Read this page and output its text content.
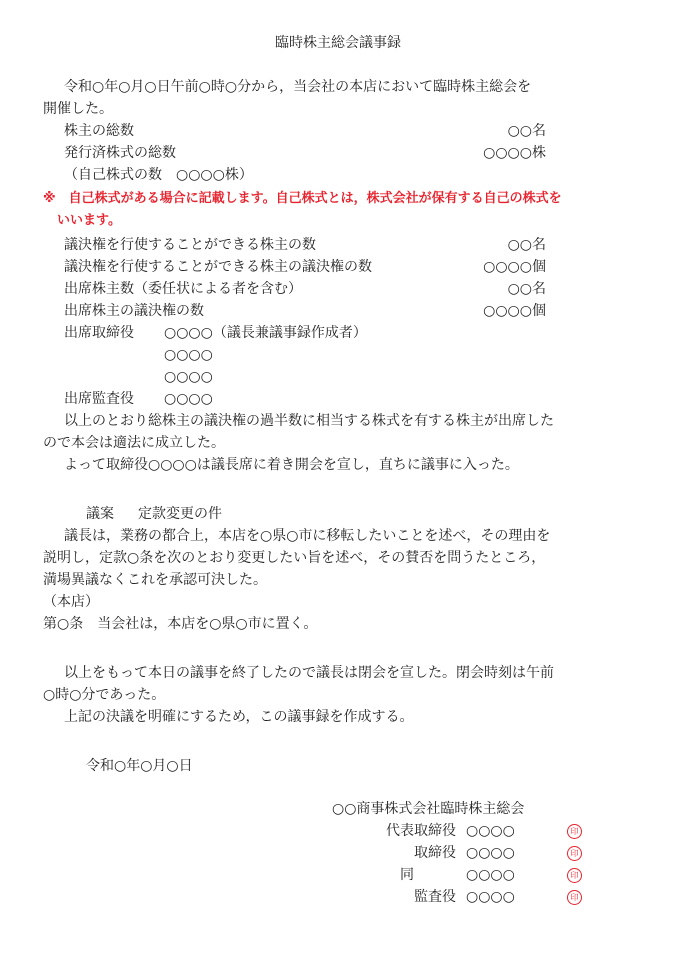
臨時株主総会議事録
令和○年○月○日午前○時○分から，当会社の本店において臨時株主総会を
開催した。
株主の総数	○○名
発行済株式の総数	○○○○株
（自己株式の数　○○○○株）
※　自己株式がある場合に記載します。自己株式とは，株式会社が保有する自己の株式を
いいます。
議決権を行使することができる株主の数	○○名
議決権を行使することができる株主の議決権の数	○○○○個
出席株主数（委任状による者を含む）	○○名
出席株主の議決権の数	○○○○個
出席取締役 ○○○○（議長兼議事録作成者）
○○○○
○○○○
出席監査役 ○○○○
以上のとおり総株主の議決権の過半数に相当する株式を有する株主が出席した
ので本会は適法に成立した。
よって取締役○○○○は議長席に着き開会を宣し，直ちに議事に入った。
議案 定款変更の件
議長は，業務の都合上，本店を○県○市に移転したいことを述べ，その理由を
説明し，定款○条を次のとおり変更したい旨を述べ，その賛否を問うたところ，
満場異議なくこれを承認可決した。
（本店）
第○条　当会社は，本店を○県○市に置く。
以上をもって本日の議事を終了したので議長は閉会を宣した。閉会時刻は午前
○時○分であった。
上記の決議を明確にするため，この議事録を作成する。
令和○年○月○日
○○商事株式会社臨時株主総会
代表取締役 ○○○○	印
取締役 ○○○○	印
同	○○○○	印
監査役 ○○○○	印
